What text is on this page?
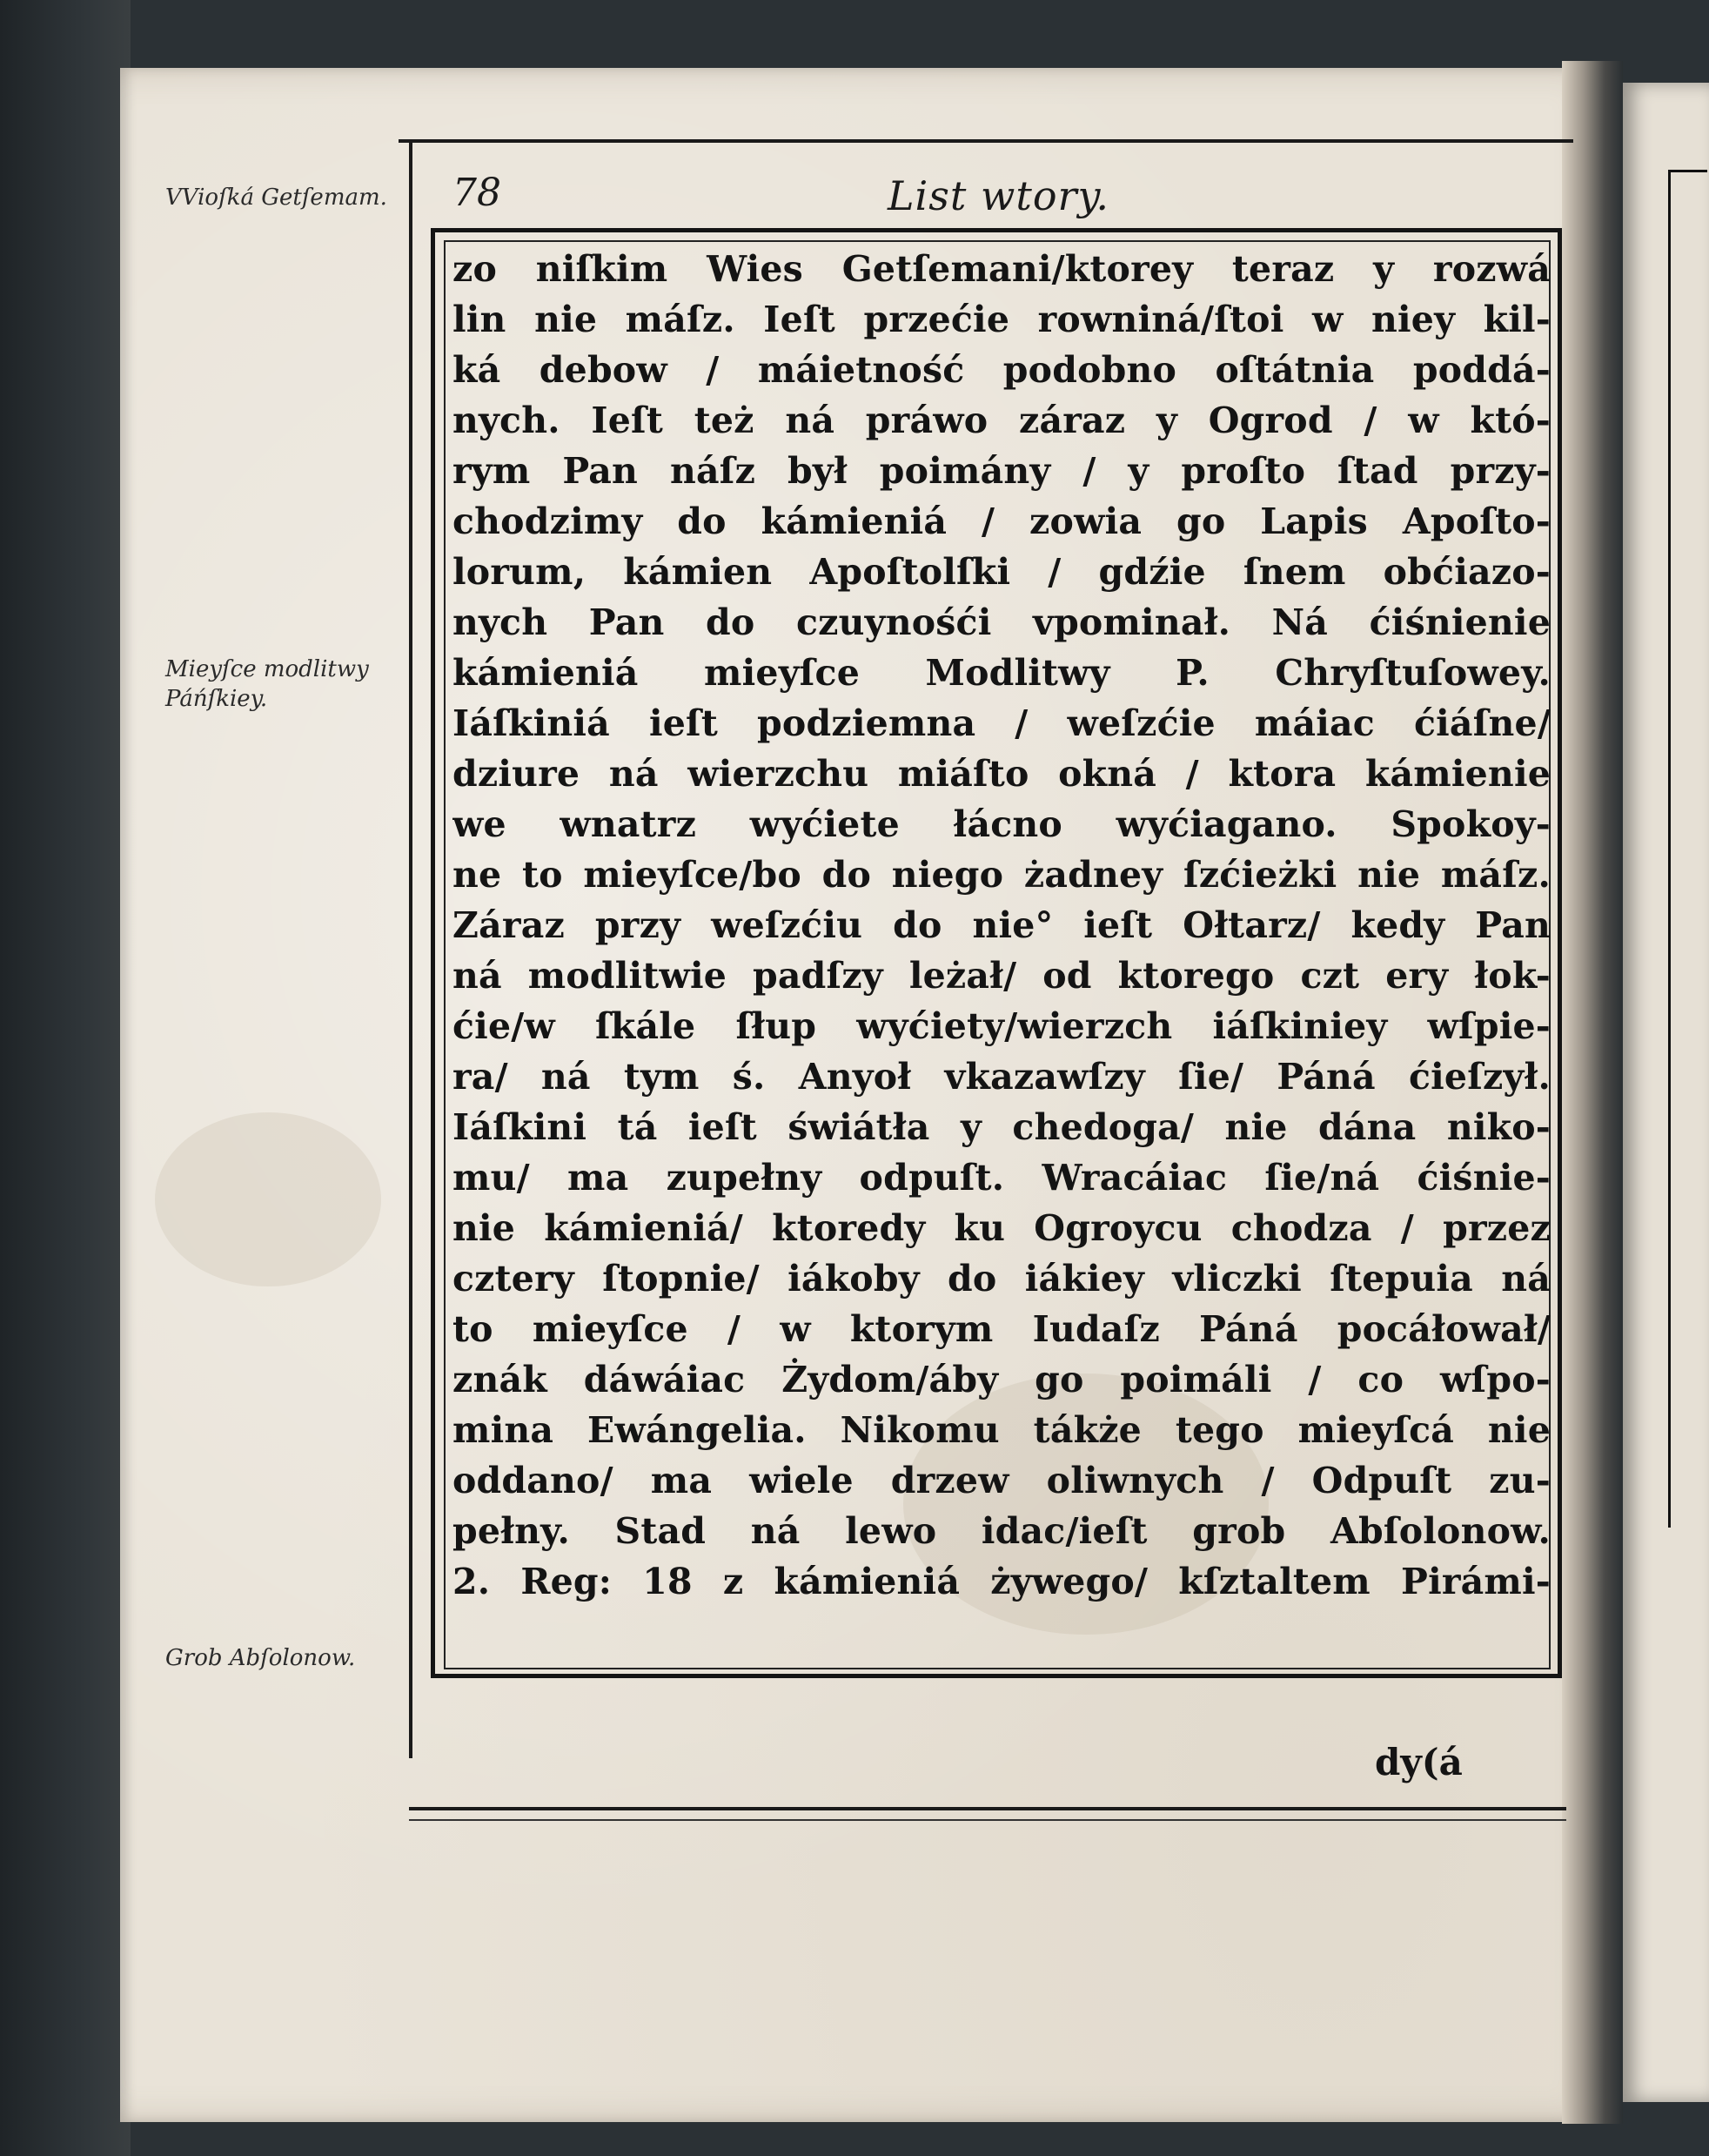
78	List wtory.
VVioſká Getſemam.
Mieyſce modlitwy Páńſkiey.
Grob Abſolonow.
zo niſkim Wies Getſemani/ktorey teraz y rozwá
lin nie máſz. Ieſt przećie rowniná/ſtoi w niey kil-
ká debow / máietność podobno oſtátnia poddá-
nych. Ieſt też ná práwo záraz y Ogrod / w któ-
rym Pan náſz był poimány / y proſto ſtad przy-
chodzimy do kámieniá / zowia go Lapis Apoſto-
lorum, kámien Apoſtolſki / gdźie ſnem obćiazo-
nych Pan do czuynośći vpominał. Ná ćiśnienie
kámieniá mieyſce Modlitwy P. Chryſtuſowey.
Iáſkiniá ieſt podziemna / weſzćie máiac ćiáſne/
dziure ná wierzchu miáſto okná / ktora kámienie
we wnatrz wyćiete łácno wyćiagano. Spokoy-
ne to mieyſce/bo do niego żadney ſzćieżki nie máſz.
Záraz przy weſzćiu do nie° ieſt Ołtarz/ kedy Pan
ná modlitwie padſzy leżał/ od ktorego czt ery łok-
ćie/w ſkále ſłup wyćiety/wierzch iáſkiniey wſpie-
ra/ ná tym ś. Anyoł vkazawſzy ſie/ Páná ćieſzył.
Iáſkini tá ieſt świátła y chedoga/ nie dána niko-
mu/ ma zupełny odpuſt. Wracáiac ſie/ná ćiśnie-
nie kámieniá/ ktoredy ku Ogroycu chodza / przez
cztery ſtopnie/ iákoby do iákiey vliczki ſtepuia ná
to mieyſce / w ktorym Iudaſz Páná pocáłował/
znák dáwáiac Żydom/áby go poimáli / co wſpo-
mina Ewángelia. Nikomu tákże tego mieyſcá nie
oddano/ ma wiele drzew oliwnych / Odpuſt zu-
pełny. Stad ná lewo idac/ieſt grob Abſolonow.
2. Reg: 18 z kámieniá żywego/ kſztaltem Pirámi-
dy(á
